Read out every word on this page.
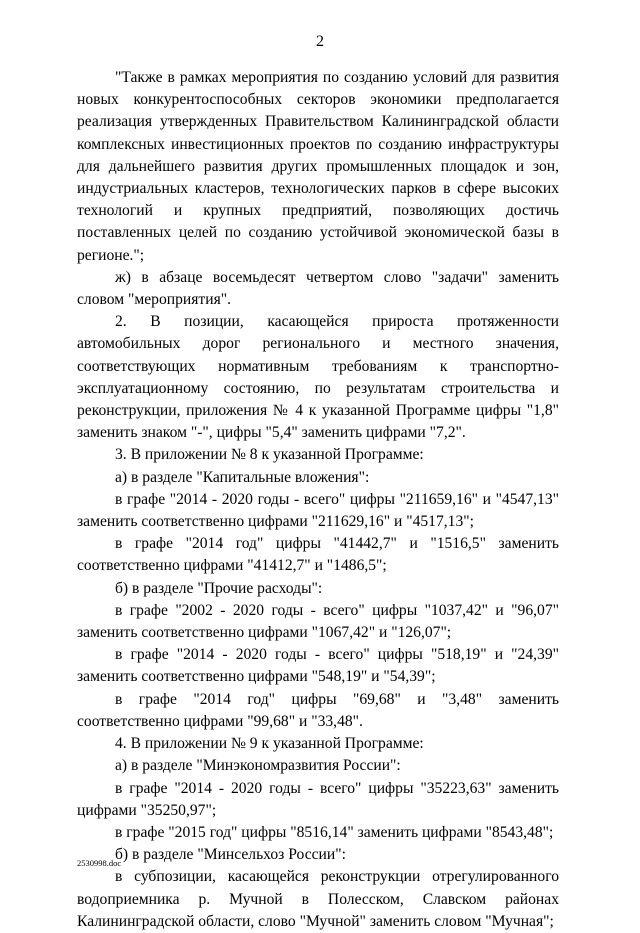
2

"Также в рамках мероприятия по созданию условий для развития новых конкурентоспособных секторов экономики предполагается реализация утвержденных Правительством Калининградской области комплексных инвестиционных проектов по созданию инфраструктуры для дальнейшего развития других промышленных площадок и зон, индустриальных кластеров, технологических парков в сфере высоких технологий и крупных предприятий, позволяющих достичь поставленных целей по созданию устойчивой экономической базы в регионе.";

ж) в абзаце восемьдесят четвертом слово "задачи" заменить словом "мероприятия".

2. В позиции, касающейся прироста протяженности автомобильных дорог регионального и местного значения, соответствующих нормативным требованиям к транспортно-эксплуатационному состоянию, по результатам строительства и реконструкции, приложения № 4 к указанной Программе цифры "1,8" заменить знаком "-", цифры "5,4" заменить цифрами "7,2".

3. В приложении № 8 к указанной Программе:

а) в разделе "Капитальные вложения":

в графе "2014 - 2020 годы - всего" цифры "211659,16" и "4547,13" заменить соответственно цифрами "211629,16" и "4517,13";

в графе "2014 год" цифры "41442,7" и "1516,5" заменить соответственно цифрами "41412,7" и "1486,5";

б) в разделе "Прочие расходы":

в графе "2002 - 2020 годы - всего" цифры "1037,42" и "96,07" заменить соответственно цифрами "1067,42" и "126,07";

в графе "2014 - 2020 годы - всего" цифры "518,19" и "24,39" заменить соответственно цифрами "548,19" и "54,39";

в графе "2014 год" цифры "69,68" и "3,48" заменить соответственно цифрами "99,68" и "33,48".

4. В приложении № 9 к указанной Программе:

а) в разделе "Минэкономразвития России":

в графе "2014 - 2020 годы - всего" цифры "35223,63" заменить цифрами "35250,97";

в графе "2015 год" цифры "8516,14" заменить цифрами "8543,48";

б) в разделе "Минсельхоз России":

в субпозиции, касающейся реконструкции отрегулированного водоприемника р. Мучной в Полесском, Славском районах Калининградской области, слово "Мучной" заменить словом "Мучная";

2530998.doc
